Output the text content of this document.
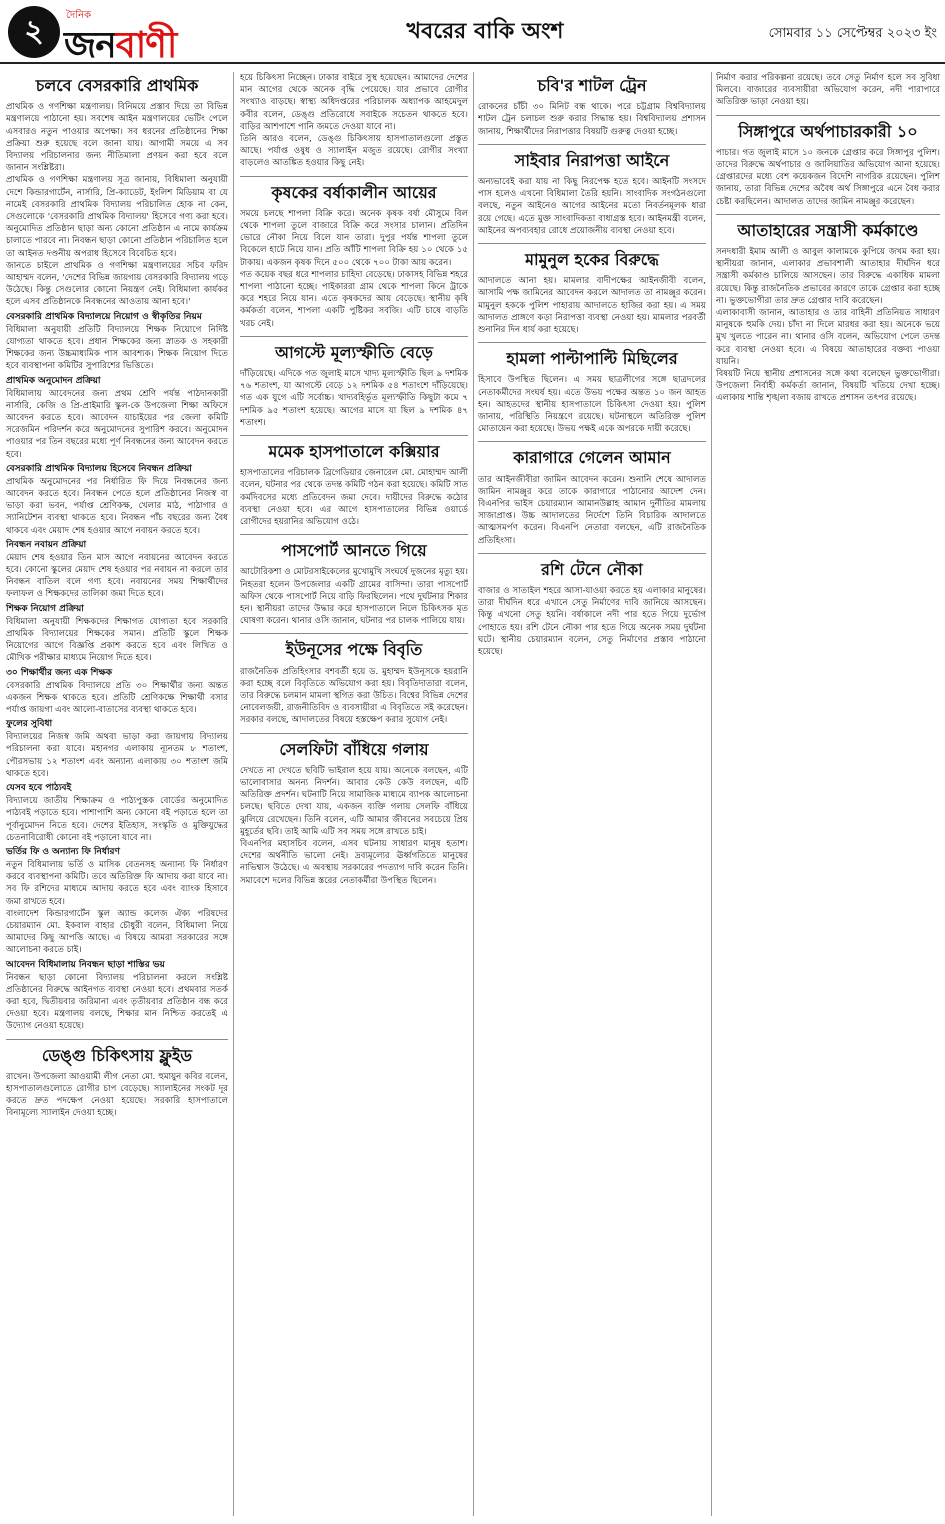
২	দৈনিক
জনবাণী	খবরের বাকি অংশ	সোমবার ১১ সেপ্টেম্বর ২০২৩ ইং
চলবে বেসরকারি প্রাথমিক

প্রাথমিক ও গণশিক্ষা মন্ত্রণালয়। বিনিময়ে প্রস্তাব দিয়ে তা বিভিন্ন মন্ত্রণালয়ে পাঠানো হয়। সবশেষ আইন মন্ত্রণালয়ের ভেটিং পেলে এসবারও নতুন পাওয়ার অপেক্ষা। সব ধরনের প্রতিষ্ঠানের শিক্ষা প্রক্রিয়া শুরু হয়েছে বলে জানা যায়। আগামী সময়ে এ সব বিদ্যালয় পরিচালনার জন্য নীতিমালা প্রণয়ন করা হবে বলে জানান সংশ্লিষ্টরা।

প্রাথমিক ও গণশিক্ষা মন্ত্রণালয় সূত্র জানায়, বিধিমালা অনুযায়ী দেশে কিন্ডারগার্টেন, নার্সারি, প্রি-ক্যাডেট, ইংলিশ মিডিয়াম বা যে নামেই বেসরকারি প্রাথমিক বিদ্যালয় পরিচালিত হোক না কেন, সেগুলোকে 'বেসরকারি প্রাথমিক বিদ্যালয়' হিসেবে গণ্য করা হবে। অনুমোদিত প্রতিষ্ঠান ছাড়া অন্য কোনো প্রতিষ্ঠান এ নামে কার্যক্রম চালাতে পারবে না। নিবন্ধন ছাড়া কোনো প্রতিষ্ঠান পরিচালিত হলে তা আইনত দণ্ডনীয় অপরাধ হিসেবে বিবেচিত হবে।

জানতে চাইলে প্রাথমিক ও গণশিক্ষা মন্ত্রণালয়ের সচিব ফরিদ আহাম্মদ বলেন, 'দেশের বিভিন্ন জায়গায় বেসরকারি বিদ্যালয় গড়ে উঠেছে। কিন্তু সেগুলোর কোনো নিয়ন্ত্রণ নেই। বিধিমালা কার্যকর হলে এসব প্রতিষ্ঠানকে নিবন্ধনের আওতায় আনা হবে।'

বেসরকারি প্রাথমিক বিদ্যালয়ে নিয়োগ ও স্বীকৃতির নিয়ম

বিধিমালা অনুযায়ী প্রতিটি বিদ্যালয়ে শিক্ষক নিয়োগে নির্দিষ্ট যোগ্যতা থাকতে হবে। প্রধান শিক্ষকের জন্য স্নাতক ও সহকারী শিক্ষকের জন্য উচ্চমাধ্যমিক পাস আবশ্যক। শিক্ষক নিয়োগ দিতে হবে ব্যবস্থাপনা কমিটির সুপারিশের ভিত্তিতে।

প্রাথমিক অনুমোদন প্রক্রিয়া

বিধিমালায় আবেদনের জন্য প্রথম শ্রেণি পর্যন্ত পাঠদানকারী নার্সারি, কেজি ও প্রি-প্রাইমারি স্কুল-কে উপজেলা শিক্ষা অফিসে আবেদন করতে হবে। আবেদন যাচাইয়ের পর জেলা কমিটি সরেজমিন পরিদর্শন করে অনুমোদনের সুপারিশ করবে। অনুমোদন পাওয়ার পর তিন বছরের মধ্যে পূর্ণ নিবন্ধনের জন্য আবেদন করতে হবে।

বেসরকারি প্রাথমিক বিদ্যালয় হিসেবে নিবন্ধন প্রক্রিয়া

প্রাথমিক অনুমোদনের পর নির্ধারিত ফি দিয়ে নিবন্ধনের জন্য আবেদন করতে হবে। নিবন্ধন পেতে হলে প্রতিষ্ঠানের নিজস্ব বা ভাড়া করা ভবন, পর্যাপ্ত শ্রেণিকক্ষ, খেলার মাঠ, পাঠাগার ও স্যানিটেশন ব্যবস্থা থাকতে হবে। নিবন্ধন পাঁচ বছরের জন্য বৈধ থাকবে এবং মেয়াদ শেষ হওয়ার আগে নবায়ন করতে হবে।

নিবন্ধন নবায়ন প্রক্রিয়া

মেয়াদ শেষ হওয়ার তিন মাস আগে নবায়নের আবেদন করতে হবে। কোনো স্কুলের মেয়াদ শেষ হওয়ার পর নবায়ন না করলে তার নিবন্ধন বাতিল বলে গণ্য হবে। নবায়নের সময় শিক্ষার্থীদের ফলাফল ও শিক্ষকদের তালিকা জমা দিতে হবে।

শিক্ষক নিয়োগ প্রক্রিয়া

বিধিমালা অনুযায়ী শিক্ষকদের শিক্ষাগত যোগ্যতা হবে সরকারি প্রাথমিক বিদ্যালয়ের শিক্ষকের সমান। প্রতিটি স্কুলে শিক্ষক নিয়োগের আগে বিজ্ঞপ্তি প্রকাশ করতে হবে এবং লিখিত ও মৌখিক পরীক্ষার মাধ্যমে নিয়োগ দিতে হবে।

৩০ শিক্ষার্থীর জন্য এক শিক্ষক

বেসরকারি প্রাথমিক বিদ্যালয়ে প্রতি ৩০ শিক্ষার্থীর জন্য অন্তত একজন শিক্ষক থাকতে হবে। প্রতিটি শ্রেণিকক্ষে শিক্ষার্থী বসার পর্যাপ্ত জায়গা এবং আলো-বাতাসের ব্যবস্থা থাকতে হবে।

ফুলের সুবিধা

বিদ্যালয়ের নিজস্ব জমি অথবা ভাড়া করা জায়গায় বিদ্যালয় পরিচালনা করা যাবে। মহানগর এলাকায় ন্যূনতম ৮ শতাংশ, পৌরসভায় ১২ শতাংশ এবং অন্যান্য এলাকায় ৩০ শতাংশ জমি থাকতে হবে।

যেসব হবে পাঠ্যবই

বিদ্যালয়ে জাতীয় শিক্ষাক্রম ও পাঠ্যপুস্তক বোর্ডের অনুমোদিত পাঠ্যবই পড়াতে হবে। পাশাপাশি অন্য কোনো বই পড়াতে হলে তা পূর্বানুমোদন নিতে হবে। দেশের ইতিহাস, সংস্কৃতি ও মুক্তিযুদ্ধের চেতনাবিরোধী কোনো বই পড়ানো যাবে না।

ভর্তির ফি ও অন্যান্য ফি নির্ধারণ

নতুন বিধিমালায় ভর্তি ও মাসিক বেতনসহ অন্যান্য ফি নির্ধারণ করবে ব্যবস্থাপনা কমিটি। তবে অতিরিক্ত ফি আদায় করা যাবে না। সব ফি রশিদের মাধ্যমে আদায় করতে হবে এবং ব্যাংক হিসাবে জমা রাখতে হবে।

বাংলাদেশ কিন্ডারগার্টেন স্কুল অ্যান্ড কলেজ ঐক্য পরিষদের চেয়ারম্যান মো. ইকবাল বাহার চৌধুরী বলেন, বিধিমালা নিয়ে আমাদের কিছু আপত্তি আছে। এ বিষয়ে আমরা সরকারের সঙ্গে আলোচনা করতে চাই।

আবেদন বিধিমালায় নিবন্ধন ছাড়া শাস্তির ভয়

নিবন্ধন ছাড়া কোনো বিদ্যালয় পরিচালনা করলে সংশ্লিষ্ট প্রতিষ্ঠানের বিরুদ্ধে আইনগত ব্যবস্থা নেওয়া হবে। প্রথমবার সতর্ক করা হবে, দ্বিতীয়বার জরিমানা এবং তৃতীয়বার প্রতিষ্ঠান বন্ধ করে দেওয়া হবে। মন্ত্রণালয় বলছে, শিক্ষার মান নিশ্চিত করতেই এ উদ্যোগ নেওয়া হয়েছে।

ডেঙ্গু চিকিৎসায় ফ্লুইড

রাখেন। উপজেলা আওয়ামী লীগ নেতা মো. হুমায়ুন কবির বলেন, হাসপাতালগুলোতে রোগীর চাপ বেড়েছে। স্যালাইনের সংকট দূর করতে দ্রুত পদক্ষেপ নেওয়া হয়েছে। সরকারি হাসপাতালে বিনামূল্যে স্যালাইন দেওয়া হচ্ছে।

হয়ে চিকিৎসা নিচ্ছেন। ঢাকার বাইরে সুস্থ হয়েছেন। আমাদের দেশের মান আগের থেকে অনেক বৃদ্ধি পেয়েছে। যার প্রভাবে রোগীর সংখ্যাও বাড়ছে। স্বাস্থ্য অধিদপ্তরের পরিচালক অধ্যাপক আহমেদুল কবীর বলেন, ডেঙ্গু প্রতিরোধে সবাইকে সচেতন থাকতে হবে। বাড়ির আশপাশে পানি জমতে দেওয়া যাবে না।

তিনি আরও বলেন, ডেঙ্গু চিকিৎসায় হাসপাতালগুলো প্রস্তুত আছে। পর্যাপ্ত ওষুধ ও স্যালাইন মজুত রয়েছে। রোগীর সংখ্যা বাড়লেও আতঙ্কিত হওয়ার কিছু নেই।

কৃষকের বর্ষাকালীন আয়ের

সময়ে চলছে শাপলা বিক্রি করে। অনেক কৃষক বর্ষা মৌসুমে বিল থেকে শাপলা তুলে বাজারে বিক্রি করে সংসার চালান। প্রতিদিন ভোরে নৌকা নিয়ে বিলে যান তারা। দুপুর পর্যন্ত শাপলা তুলে বিকেলে হাটে নিয়ে যান। প্রতি আঁটি শাপলা বিক্রি হয় ১০ থেকে ১৫ টাকায়। একজন কৃষক দিনে ৫০০ থেকে ৭০০ টাকা আয় করেন।

গত কয়েক বছর ধরে শাপলার চাহিদা বেড়েছে। ঢাকাসহ বিভিন্ন শহরে শাপলা পাঠানো হচ্ছে। পাইকাররা গ্রাম থেকে শাপলা কিনে ট্রাকে করে শহরে নিয়ে যান। এতে কৃষকদের আয় বেড়েছে। স্থানীয় কৃষি কর্মকর্তা বলেন, শাপলা একটি পুষ্টিকর সবজি। এটি চাষে বাড়তি খরচ নেই।

আগস্টে মূল্যস্ফীতি বেড়ে

দাঁড়িয়েছে। এদিকে গত জুলাই মাসে খাদ্য মূল্যস্ফীতি ছিল ৯ দশমিক ৭৬ শতাংশ, যা আগস্টে বেড়ে ১২ দশমিক ৫৪ শতাংশে দাঁড়িয়েছে। গত এক যুগে এটি সর্বোচ্চ। খাদ্যবহির্ভূত মূল্যস্ফীতি কিছুটা কমে ৭ দশমিক ৯৫ শতাংশ হয়েছে। আগের মাসে যা ছিল ৯ দশমিক ৪৭ শতাংশ।

মমেক হাসপাতালে কক্সিয়ার

হাসপাতালের পরিচালক ব্রিগেডিয়ার জেনারেল মো. মোহাম্মদ আলী বলেন, ঘটনার পর থেকে তদন্ত কমিটি গঠন করা হয়েছে। কমিটি সাত কর্মদিবসের মধ্যে প্রতিবেদন জমা দেবে। দায়ীদের বিরুদ্ধে কঠোর ব্যবস্থা নেওয়া হবে। এর আগে হাসপাতালের বিভিন্ন ওয়ার্ডে রোগীদের হয়রানির অভিযোগ ওঠে।

পাসপোর্ট আনতে গিয়ে

আটোরিকশা ও মোটরসাইকেলের মুখোমুখি সংঘর্ষে দুজনের মৃত্যু হয়। নিহতরা হলেন উপজেলার একটি গ্রামের বাসিন্দা। তারা পাসপোর্ট অফিস থেকে পাসপোর্ট নিয়ে বাড়ি ফিরছিলেন। পথে দুর্ঘটনার শিকার হন। স্থানীয়রা তাদের উদ্ধার করে হাসপাতালে নিলে চিকিৎসক মৃত ঘোষণা করেন। থানার ওসি জানান, ঘটনার পর চালক পালিয়ে যায়।

ইউনূসের পক্ষে বিবৃতি

রাজনৈতিক প্রতিহিংসার বশবর্তী হয়ে ড. মুহাম্মদ ইউনূসকে হয়রানি করা হচ্ছে বলে বিবৃতিতে অভিযোগ করা হয়। বিবৃতিদাতারা বলেন, তার বিরুদ্ধে চলমান মামলা স্থগিত করা উচিত। বিশ্বের বিভিন্ন দেশের নোবেলজয়ী, রাজনীতিবিদ ও ব্যবসায়ীরা এ বিবৃতিতে সই করেছেন। সরকার বলছে, আদালতের বিষয়ে হস্তক্ষেপ করার সুযোগ নেই।

সেলফিটা বাঁধিয়ে গলায়

দেখতে না দেখতে ছবিটি ভাইরাল হয়ে যায়। অনেকে বলছেন, এটি ভালোবাসার অনন্য নিদর্শন। আবার কেউ কেউ বলছেন, এটি অতিরিক্ত প্রদর্শন। ঘটনাটি নিয়ে সামাজিক মাধ্যমে ব্যাপক আলোচনা চলছে। ছবিতে দেখা যায়, একজন ব্যক্তি গলায় সেলফি বাঁধিয়ে ঝুলিয়ে রেখেছেন। তিনি বলেন, এটি আমার জীবনের সবচেয়ে প্রিয় মুহূর্তের ছবি। তাই আমি এটি সব সময় সঙ্গে রাখতে চাই।

বিএনপির মহাসচিব বলেন, এসব ঘটনায় সাধারণ মানুষ হতাশ। দেশের অর্থনীতি ভালো নেই। দ্রব্যমূল্যের ঊর্ধ্বগতিতে মানুষের নাভিশ্বাস উঠেছে। এ অবস্থায় সরকারের পদত্যাগ দাবি করেন তিনি। সমাবেশে দলের বিভিন্ন স্তরের নেতাকর্মীরা উপস্থিত ছিলেন।

চবি'র শাটল ট্রেন

রোকনের চাঁচী ৩০ মিনিট বন্ধ থাকে। পরে চট্টগ্রাম বিশ্ববিদ্যালয় শাটল ট্রেন চলাচল শুরু করার সিদ্ধান্ত হয়। বিশ্ববিদ্যালয় প্রশাসন জানায়, শিক্ষার্থীদের নিরাপত্তার বিষয়টি গুরুত্ব দেওয়া হচ্ছে।

সাইবার নিরাপত্তা আইনে

অন্যভাবেই করা যায় না কিছু নিরপেক্ষ হতে হবে। আইনটি সংসদে পাস হলেও এখনো বিধিমালা তৈরি হয়নি। সাংবাদিক সংগঠনগুলো বলছে, নতুন আইনেও আগের আইনের মতো নিবর্তনমূলক ধারা রয়ে গেছে। এতে মুক্ত সাংবাদিকতা বাধাগ্রস্ত হবে। আইনমন্ত্রী বলেন, আইনের অপব্যবহার রোধে প্রয়োজনীয় ব্যবস্থা নেওয়া হবে।

মামুনুল হকের বিরুদ্ধে

আদালতে আনা হয়। মামলার বাদীপক্ষের আইনজীবী বলেন, আসামি পক্ষ জামিনের আবেদন করলে আদালত তা নামঞ্জুর করেন। মামুনুল হককে পুলিশ পাহারায় আদালতে হাজির করা হয়। এ সময় আদালত প্রাঙ্গণে কড়া নিরাপত্তা ব্যবস্থা নেওয়া হয়। মামলার পরবর্তী শুনানির দিন ধার্য করা হয়েছে।

হামলা পাল্টাপাল্টি মিছিলের

হিসাবে উপস্থিত ছিলেন। এ সময় ছাত্রলীগের সঙ্গে ছাত্রদলের নেতাকর্মীদের সংঘর্ষ হয়। এতে উভয় পক্ষের অন্তত ১০ জন আহত হন। আহতদের স্থানীয় হাসপাতালে চিকিৎসা দেওয়া হয়। পুলিশ জানায়, পরিস্থিতি নিয়ন্ত্রণে রয়েছে। ঘটনাস্থলে অতিরিক্ত পুলিশ মোতায়েন করা হয়েছে। উভয় পক্ষই একে অপরকে দায়ী করেছে।

কারাগারে গেলেন আমান

তার আইনজীবীরা জামিন আবেদন করেন। শুনানি শেষে আদালত জামিন নামঞ্জুর করে তাকে কারাগারে পাঠানোর আদেশ দেন। বিএনপির ভাইস চেয়ারম্যান আমানউল্লাহ আমান দুর্নীতির মামলায় সাজাপ্রাপ্ত। উচ্চ আদালতের নির্দেশে তিনি বিচারিক আদালতে আত্মসমর্পণ করেন। বিএনপি নেতারা বলছেন, এটি রাজনৈতিক প্রতিহিংসা।

রশি টেনে নৌকা

বাজার ও সাতাইল শহরে আসা-যাওয়া করতে হয় এলাকার মানুষের। তারা দীর্ঘদিন ধরে এখানে সেতু নির্মাণের দাবি জানিয়ে আসছেন। কিন্তু এখনো সেতু হয়নি। বর্ষাকালে নদী পার হতে গিয়ে দুর্ভোগ পোহাতে হয়। রশি টেনে নৌকা পার হতে গিয়ে অনেক সময় দুর্ঘটনা ঘটে। স্থানীয় চেয়ারম্যান বলেন, সেতু নির্মাণের প্রস্তাব পাঠানো হয়েছে।

নির্মাণ করার পরিকল্পনা রয়েছে। তবে সেতু নির্মাণ হলে সব সুবিধা মিলবে। বাজারের ব্যবসায়ীরা অভিযোগ করেন, নদী পারাপারে অতিরিক্ত ভাড়া নেওয়া হয়।

সিঙ্গাপুরে অর্থপাচারকারী ১০

পাচার। গত জুলাই মাসে ১০ জনকে গ্রেপ্তার করে সিঙ্গাপুর পুলিশ। তাদের বিরুদ্ধে অর্থপাচার ও জালিয়াতির অভিযোগ আনা হয়েছে। গ্রেপ্তারদের মধ্যে বেশ কয়েকজন বিদেশি নাগরিক রয়েছেন। পুলিশ জানায়, তারা বিভিন্ন দেশের অবৈধ অর্থ সিঙ্গাপুরে এনে বৈধ করার চেষ্টা করছিলেন। আদালত তাদের জামিন নামঞ্জুর করেছেন।

আতাহারের সন্ত্রাসী কর্মকাণ্ডে

সনদধারী ইমাম আলী ও আবুল কালামকে কুপিয়ে জখম করা হয়। স্থানীয়রা জানান, এলাকার প্রভাবশালী আতাহার দীর্ঘদিন ধরে সন্ত্রাসী কর্মকাণ্ড চালিয়ে আসছেন। তার বিরুদ্ধে একাধিক মামলা রয়েছে। কিন্তু রাজনৈতিক প্রভাবের কারণে তাকে গ্রেপ্তার করা হচ্ছে না। ভুক্তভোগীরা তার দ্রুত গ্রেপ্তার দাবি করেছেন।

এলাকাবাসী জানান, আতাহার ও তার বাহিনী প্রতিনিয়ত সাধারণ মানুষকে হুমকি দেয়। চাঁদা না দিলে মারধর করা হয়। অনেকে ভয়ে মুখ খুলতে পারেন না। থানার ওসি বলেন, অভিযোগ পেলে তদন্ত করে ব্যবস্থা নেওয়া হবে। এ বিষয়ে আতাহারের বক্তব্য পাওয়া যায়নি।

বিষয়টি নিয়ে স্থানীয় প্রশাসনের সঙ্গে কথা বলেছেন ভুক্তভোগীরা। উপজেলা নির্বাহী কর্মকর্তা জানান, বিষয়টি খতিয়ে দেখা হচ্ছে। এলাকায় শান্তি শৃঙ্খলা বজায় রাখতে প্রশাসন তৎপর রয়েছে।
